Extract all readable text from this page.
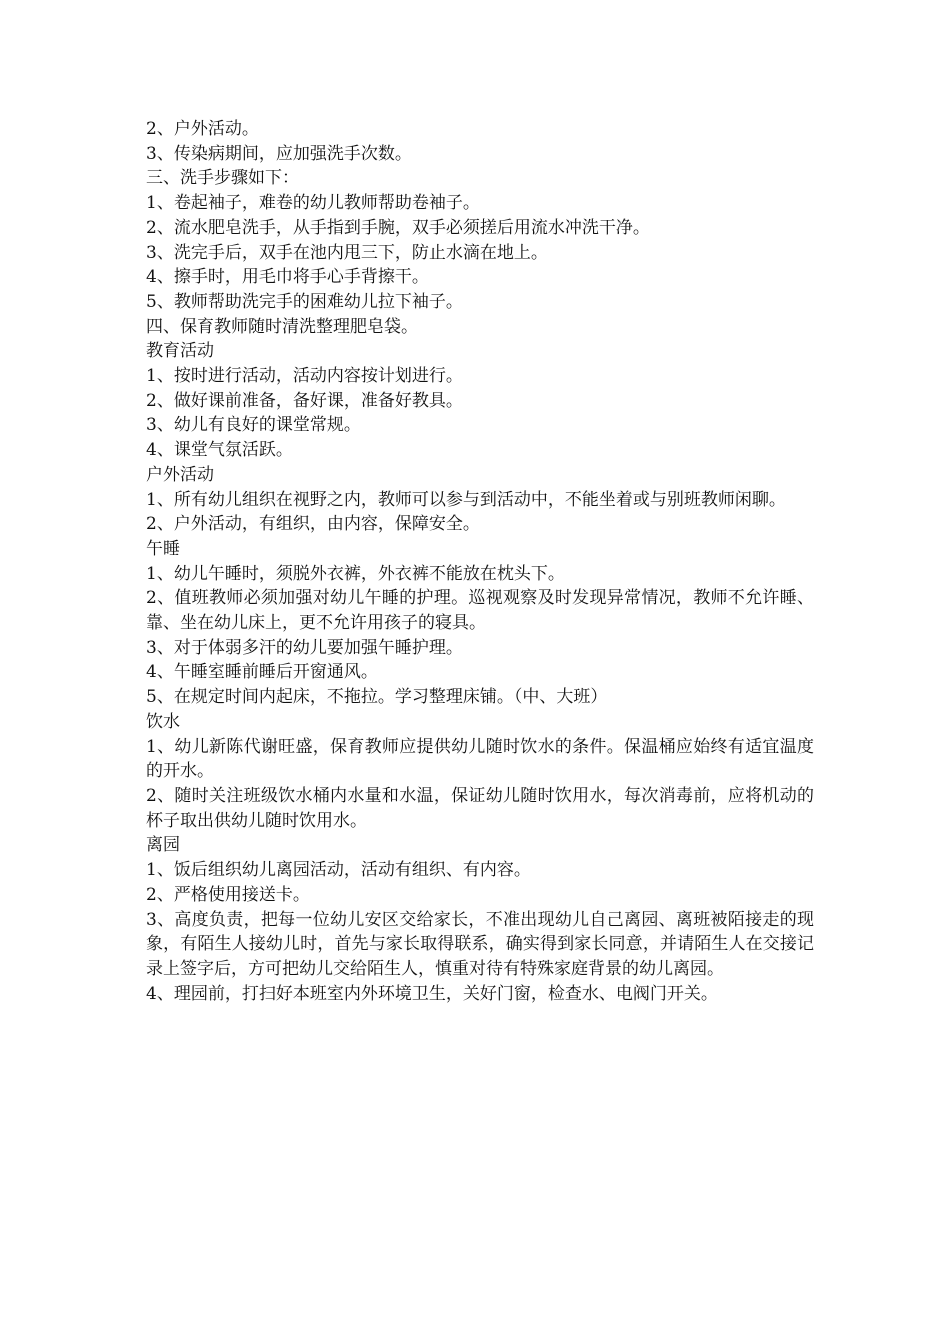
2、户外活动。

3、传染病期间，应加强洗手次数。

三、洗手步骤如下：

1、卷起袖子，难卷的幼儿教师帮助卷袖子。

2、流水肥皂洗手，从手指到手腕，双手必须搓后用流水冲洗干净。

3、洗完手后，双手在池内甩三下，防止水滴在地上。

4、擦手时，用毛巾将手心手背擦干。

5、教师帮助洗完手的困难幼儿拉下袖子。

四、保育教师随时清洗整理肥皂袋。

教育活动

1、按时进行活动，活动内容按计划进行。

2、做好课前准备，备好课，准备好教具。

3、幼儿有良好的课堂常规。

4、课堂气氛活跃。

户外活动

1、所有幼儿组织在视野之内，教师可以参与到活动中，不能坐着或与别班教师闲聊。

2、户外活动，有组织，由内容，保障安全。

午睡

1、幼儿午睡时，须脱外衣裤，外衣裤不能放在枕头下。

2、值班教师必须加强对幼儿午睡的护理。巡视观察及时发现异常情况，教师不允许睡、靠、坐在幼儿床上，更不允许用孩子的寝具。

3、对于体弱多汗的幼儿要加强午睡护理。

4、午睡室睡前睡后开窗通风。

5、在规定时间内起床，不拖拉。学习整理床铺。（中、大班）

饮水

1、幼儿新陈代谢旺盛，保育教师应提供幼儿随时饮水的条件。保温桶应始终有适宜温度的开水。

2、随时关注班级饮水桶内水量和水温，保证幼儿随时饮用水，每次消毒前，应将机动的杯子取出供幼儿随时饮用水。

离园

1、饭后组织幼儿离园活动，活动有组织、有内容。

2、严格使用接送卡。

3、高度负责，把每一位幼儿安区交给家长，不准出现幼儿自己离园、离班被陌接走的现象，有陌生人接幼儿时，首先与家长取得联系，确实得到家长同意，并请陌生人在交接记录上签字后，方可把幼儿交给陌生人，慎重对待有特殊家庭背景的幼儿离园。

4、理园前，打扫好本班室内外环境卫生，关好门窗，检查水、电阀门开关。
